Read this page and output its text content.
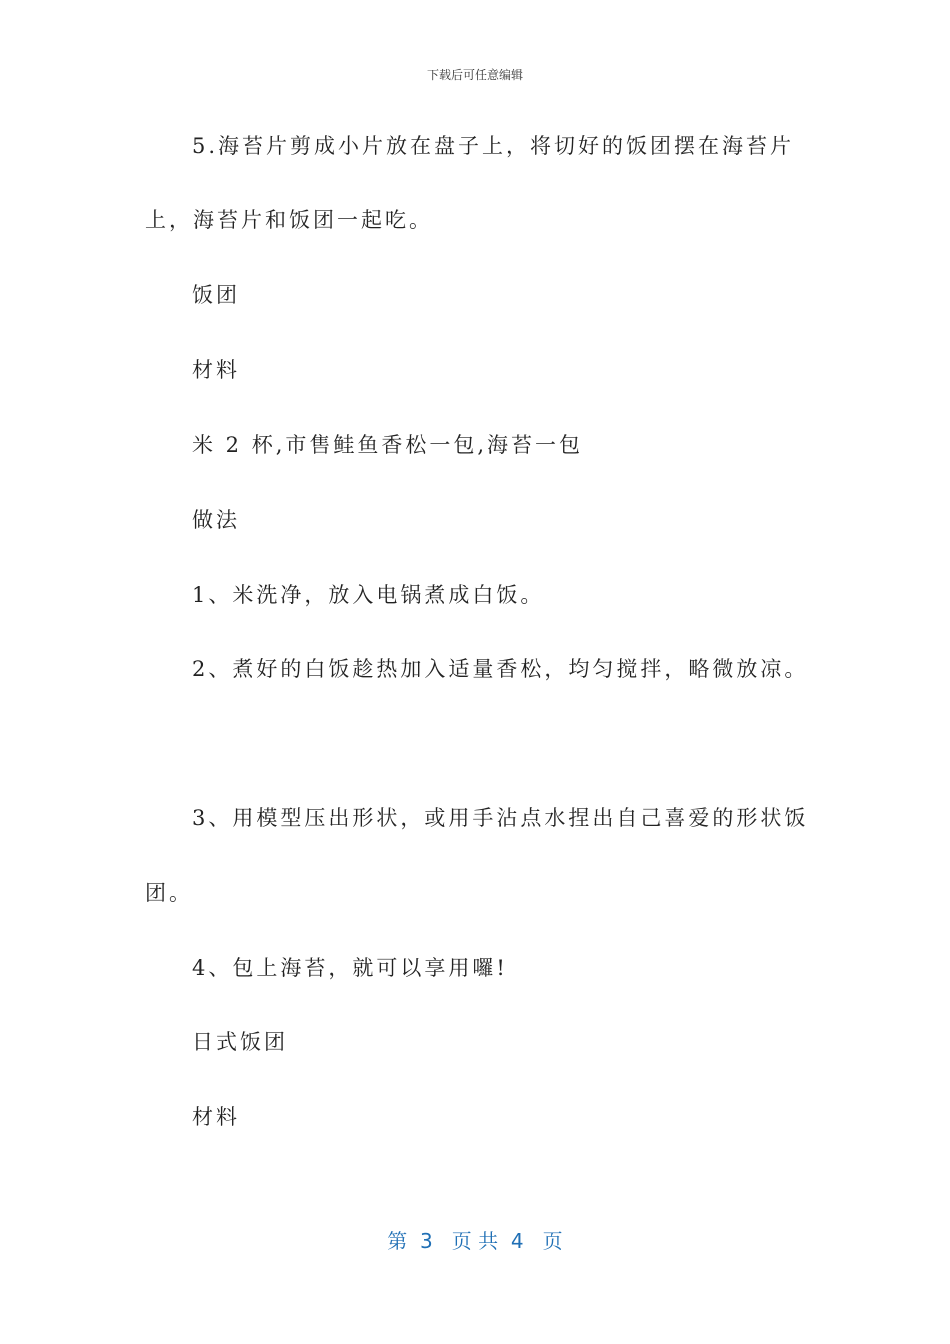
下载后可任意编辑
5.海苔片剪成小片放在盘子上，将切好的饭团摆在海苔片
上，海苔片和饭团一起吃。
饭团
材料
米 2 杯,市售鲑鱼香松一包,海苔一包
做法
1、米洗净，放入电锅煮成白饭。
2、煮好的白饭趁热加入适量香松，均匀搅拌，略微放凉。
3、用模型压出形状，或用手沾点水捏出自己喜爱的形状饭
团。
4、包上海苔，就可以享用囉!
日式饭团
材料
第  3   页 共  4   页
